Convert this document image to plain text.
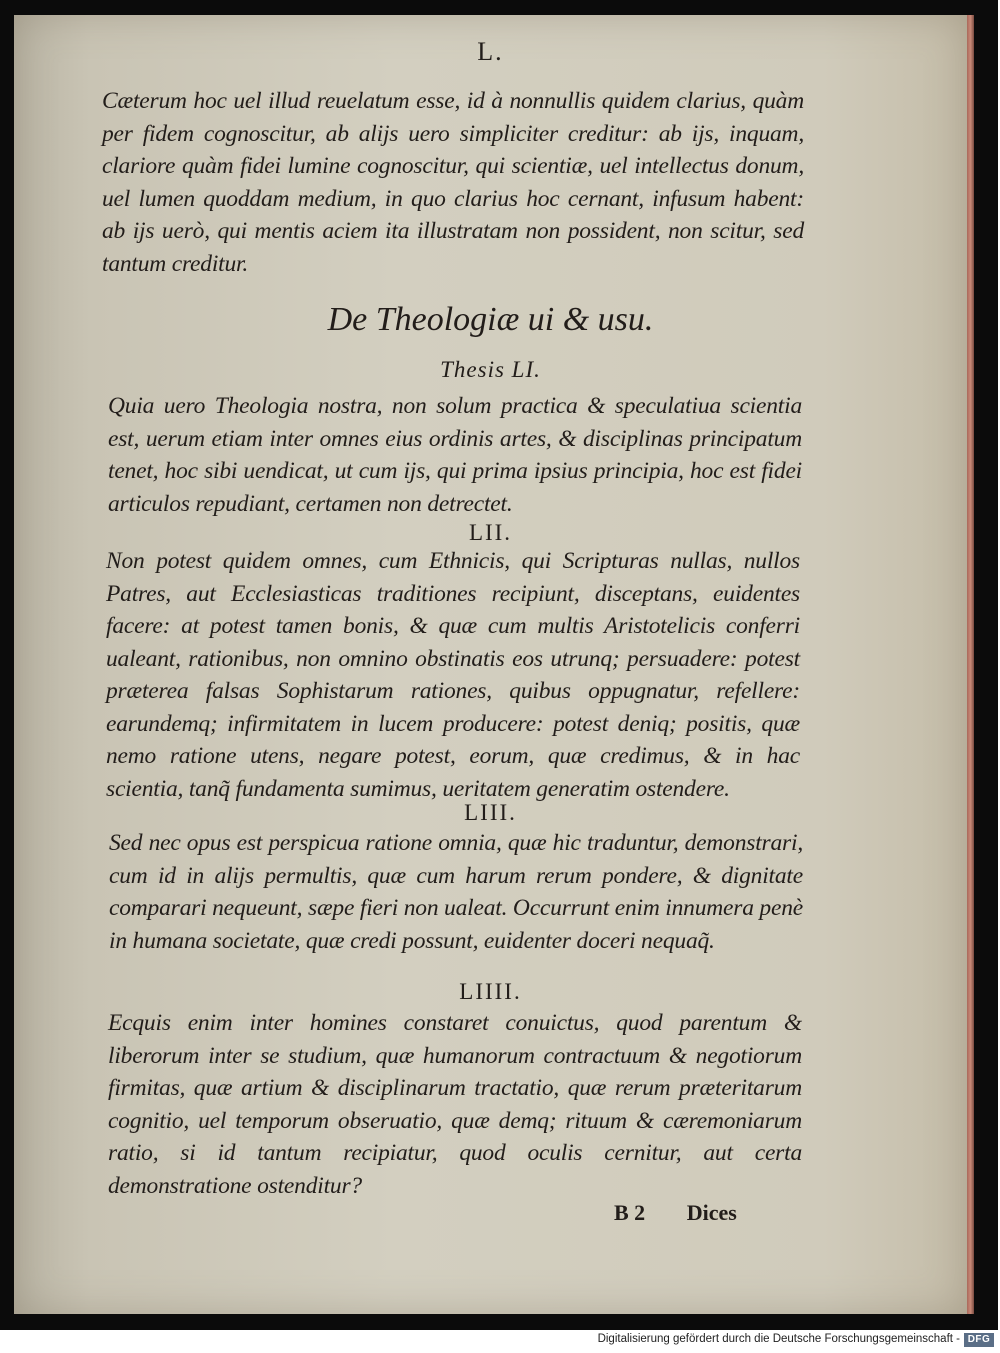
L.
Cæterum hoc uel illud reuelatum esse, id à nonnullis quidem clarius, quàm per fidem cognoscitur, ab alijs uero simpliciter creditur: ab ijs, inquam, clariore quàm fidei lumine cognoscitur, qui scientiæ, uel intellectus donum, uel lumen quoddam medium, in quo clarius hoc cernant, infusum habent: ab ijs uerò, qui mentis aciem ita illustratam non possident, non scitur, sed tantum creditur.
De Theologiæ ui & usu.
Thesis LI.
Quia uero Theologia nostra, non solum practica & speculatiua scientia est, uerum etiam inter omnes eius ordinis artes, & disciplinas principatum tenet, hoc sibi uendicat, ut cum ijs, qui prima ipsius principia, hoc est fidei articulos repudiant, certamen non detrectet.
LII.
Non potest quidem omnes, cum Ethnicis, qui Scripturas nullas, nullos Patres, aut Ecclesiasticas traditiones recipiunt, disceptans, euidentes facere: at potest tamen bonis, & quæ cum multis Aristotelicis conferri ualeant, rationibus, non omnino obstinatis eos utrunq; persuadere: potest præterea falsas Sophistarum rationes, quibus oppugnatur, refellere: earundemq; infirmitatem in lucem producere: potest deniq; positis, quæ nemo ratione utens, negare potest, eorum, quæ credimus, & in hac scientia, tanq̃ fundamenta sumimus, ueritatem generatim ostendere.
LIII.
Sed nec opus est perspicua ratione omnia, quæ hic traduntur, demonstrari, cum id in alijs permultis, quæ cum harum rerum pondere, & dignitate comparari nequeunt, sæpe fieri non ualeat. Occurrunt enim innumera penè in humana societate, quæ credi possunt, euidenter doceri nequaq̃.
LIIII.
Ecquis enim inter homines constaret conuictus, quod parentum & liberorum inter se studium, quæ humanorum contractuum & negotiorum firmitas, quæ artium & disciplinarum tractatio, quæ rerum præteritarum cognitio, uel temporum obseruatio, quæ demq; rituum & cæremoniarum ratio, si id tantum recipiatur, quod oculis cernitur, aut certa demonstratione ostenditur?
B 2 Dices
Digitalisierung gefördert durch die Deutsche Forschungsgemeinschaft - DFG
